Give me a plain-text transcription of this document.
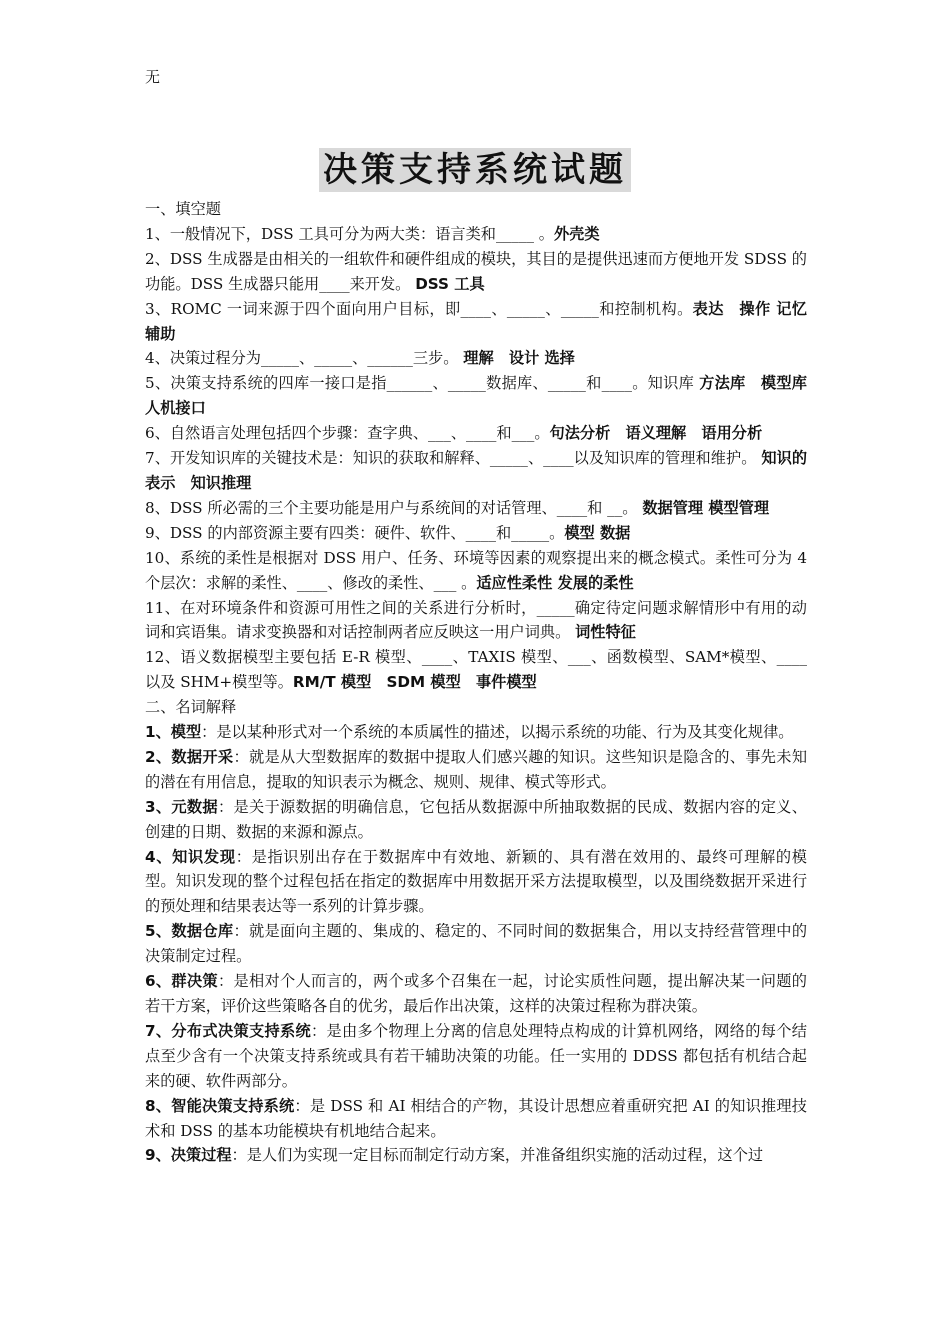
无
决策支持系统试题

一、填空题

1、一般情况下，DSS 工具可分为两大类：语言类和_____ 。外壳类

2、DSS 生成器是由相关的一组软件和硬件组成的模块，其目的是提供迅速而方便地开发 SDSS 的功能。DSS 生成器只能用____来开发。 DSS 工具

3、ROMC 一词来源于四个面向用户目标，即____、_____、_____和控制机构。表达　操作 记忆辅助

4、决策过程分为_____、_____、______三步。 理解　设计 选择

5、决策支持系统的四库一接口是指______、_____数据库、_____和____。知识库 方法库　模型库　人机接口

6、自然语言处理包括四个步骤：查字典、___、____和___。句法分析　语义理解　语用分析

7、开发知识库的关键技术是：知识的获取和解释、_____、____以及知识库的管理和维护。 知识的表示　知识推理

8、DSS 所必需的三个主要功能是用户与系统间的对话管理、____和 __。 数据管理 模型管理

9、DSS 的内部资源主要有四类：硬件、软件、____和_____。模型 数据

10、系统的柔性是根据对 DSS 用户、任务、环境等因素的观察提出来的概念模式。柔性可分为 4 个层次：求解的柔性、____、修改的柔性、___ 。适应性柔性 发展的柔性

11、在对环境条件和资源可用性之间的关系进行分析时，_____确定待定问题求解情形中有用的动词和宾语集。请求变换器和对话控制两者应反映这一用户词典。 词性特征

12、语义数据模型主要包括 E-R 模型、____、TAXIS 模型、___、函数模型、SAM*模型、____以及 SHM+模型等。RM/T 模型　SDM 模型　事件模型

二、名词解释

1、模型：是以某种形式对一个系统的本质属性的描述，以揭示系统的功能、行为及其变化规律。

2、数据开采：就是从大型数据库的数据中提取人们感兴趣的知识。这些知识是隐含的、事先未知的潜在有用信息，提取的知识表示为概念、规则、规律、模式等形式。

3、元数据：是关于源数据的明确信息，它包括从数据源中所抽取数据的民成、数据内容的定义、创建的日期、数据的来源和源点。

4、知识发现：是指识别出存在于数据库中有效地、新颖的、具有潜在效用的、最终可理解的模型。知识发现的整个过程包括在指定的数据库中用数据开采方法提取模型，以及围绕数据开采进行的预处理和结果表达等一系列的计算步骤。

5、数据仓库：就是面向主题的、集成的、稳定的、不同时间的数据集合，用以支持经营管理中的决策制定过程。

6、群决策：是相对个人而言的，两个或多个召集在一起，讨论实质性问题，提出解决某一问题的若干方案，评价这些策略各自的优劣，最后作出决策，这样的决策过程称为群决策。

7、分布式决策支持系统：是由多个物理上分离的信息处理特点构成的计算机网络，网络的每个结点至少含有一个决策支持系统或具有若干辅助决策的功能。任一实用的 DDSS 都包括有机结合起来的硬、软件两部分。

8、智能决策支持系统：是 DSS 和 AI 相结合的产物，其设计思想应着重研究把 AI 的知识推理技术和 DSS 的基本功能模块有机地结合起来。

9、决策过程：是人们为实现一定目标而制定行动方案，并准备组织实施的活动过程，这个过
